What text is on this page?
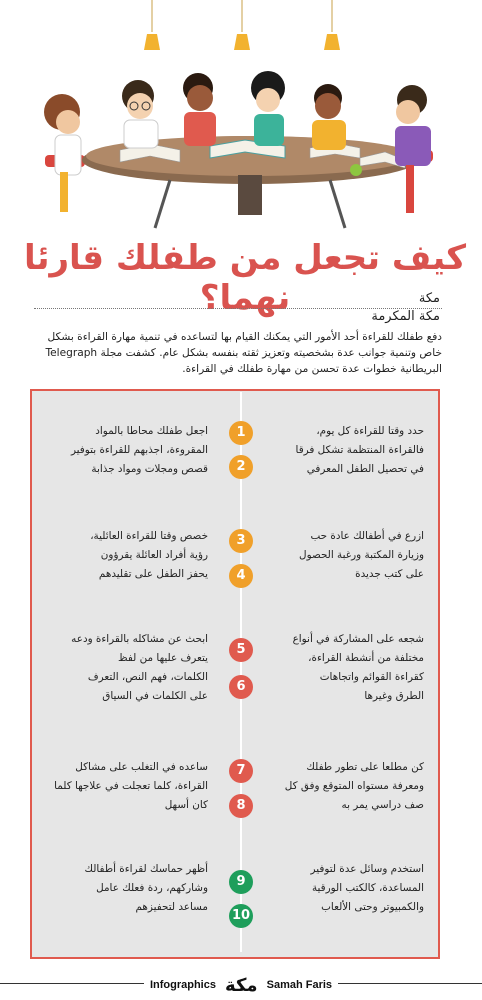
كيف تجعل من طفلك قارئا نهما؟	مكة
مكة المكرمة
دفع طفلك للقراءة أحد الأمور التي يمكنك القيام بها لتساعده في تنمية مهارة القراءة بشكل خاص وتنمية جوانب عدة بشخصيته وتعزيز ثقته بنفسه بشكل عام. كشفت مجلة Telegraph البريطانية خطوات عدة تحسن من مهارة طفلك في القراءة.
حدد وقتا للقراءة كل يوم،
فالقراءة المنتظمة تشكل فرقا
في تحصيل الطفل المعرفي
1
2
اجعل طفلك محاطا بالمواد
المقروءة، اجذبهم للقراءة بتوفير
قصص ومجلات ومواد جذابة
ازرع في أطفالك عادة حب
وزيارة المكتبة ورغبة الحصول
على كتب جديدة
3
4
خصص وقتا للقراءة العائلية،
رؤية أفراد العائلة يقرؤون
يحفز الطفل على تقليدهم
شجعه على المشاركة في أنواع
مختلفة من أنشطة القراءة،
كقراءة القوائم واتجاهات
الطرق وغيرها
5
6
ابحث عن مشاكله بالقراءة ودعه
يتعرف عليها من لفظ
الكلمات، فهم النص، التعرف
على الكلمات في السياق
كن مطلعا على تطور طفلك
ومعرفة مستواه المتوقع وفق كل
صف دراسي يمر به
7
8
ساعده في التغلب على مشاكل
القراءة، كلما تعجلت في علاجها كلما
كان أسهل
استخدم وسائل عدة لتوفير
المساعدة، كالكتب الورقية
والكمبيوتر وحتى الألعاب
9
10
أظهر حماسك لقراءة أطفالك
وشاركهم، ردة فعلك عامل
مساعد لتحفيزهم
Infographics مكة Samah Faris
